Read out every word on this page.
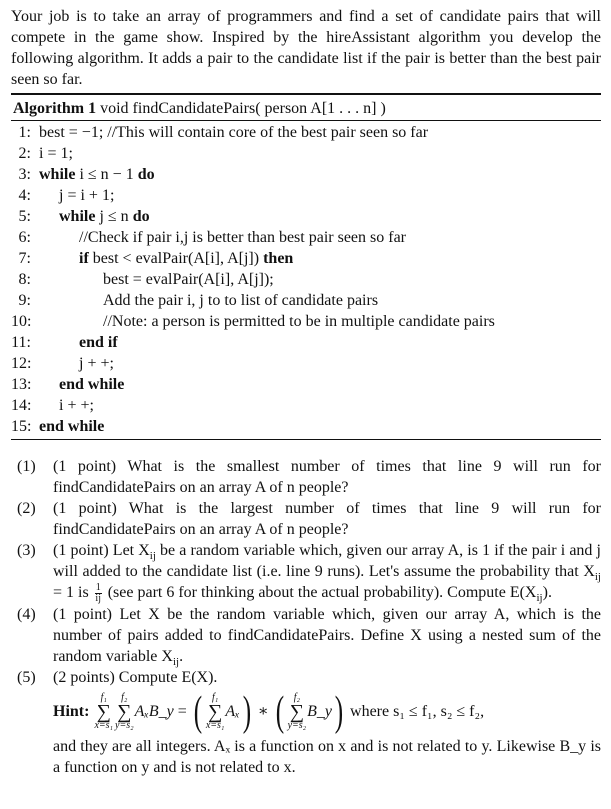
Your job is to take an array of programmers and find a set of candidate pairs that will compete in the game show. Inspired by the hireAssistant algorithm you develop the following algorithm. It adds a pair to the candidate list if the pair is better than the best pair seen so far.

Algorithm 1 void findCandidatePairs( person A[1 . . . n] )
1: best = −1; //This will contain core of the best pair seen so far
2: i = 1;
3: while i ≤ n − 1 do
4:	j = i + 1;
5:	while j ≤ n do
6:	//Check if pair i,j is better than best pair seen so far
7:	if best < evalPair(A[i], A[j]) then
8:	best = evalPair(A[i], A[j]);
9:	Add the pair i, j to to list of candidate pairs
10:	//Note: a person is permitted to be in multiple candidate pairs
11:	end if
12:	j + +;
13:	end while
14:	i + +;
15: end while
(1)	(1 point) What is the smallest number of times that line 9 will run for findCandidatePairs on an array A of n people?
(2)	(1 point) What is the largest number of times that line 9 will run for findCandidatePairs on an array A of n people?
(3)	(1 point) Let $X_{ij}$ be a random variable which, given our array A, is 1 if the pair i and j will added to the candidate list (i.e. line 9 runs). Let's assume the probability that $X_{ij} = 1$ is $\frac{1}{ij} (see$ part 6 for thinking about the actual probability). Compute $E(X_{ij})$.
(4)	(1 point) Let X be the random variable which, given our array A, which is the number of pairs added to findCandidatePairs. Define X using a nested sum of the random variable $X_{ij}$.
(5)	(2 points) Compute E(X).
Hint:

f₁
∑
x=s₁
f₂
∑
y=s₂
AₓB_y = ( f₁
∑
x=s₁
Aₓ ) ∗ ( f₂
∑
y=s₂
B_y )
where s₁ ≤ f₁, s₂ ≤ f₂,
and they are all integers. Aₓ is a function on x and is not related to y. Likewise B_y is a function on y and is not related to x.
